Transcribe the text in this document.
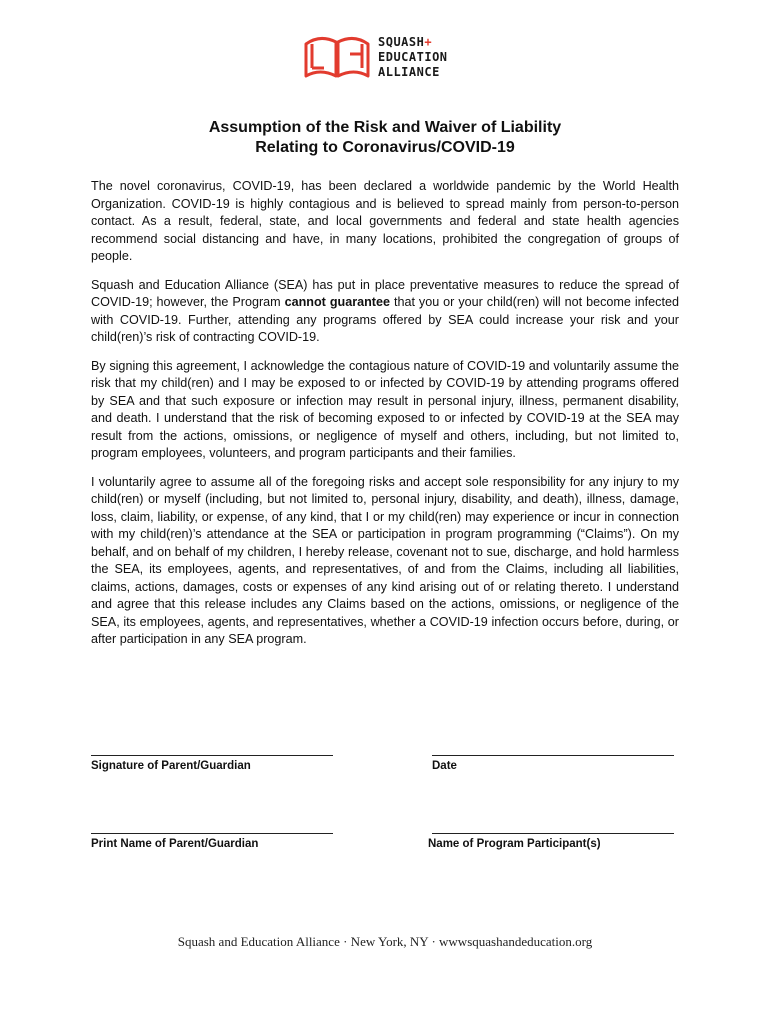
SQUASH+
EDUCATION
ALLIANCE
Assumption of the Risk and Waiver of Liability
Relating to Coronavirus/COVID-19

The novel coronavirus, COVID-19, has been declared a worldwide pandemic by the World Health Organization. COVID-19 is highly contagious and is believed to spread mainly from person-to-person contact. As a result, federal, state, and local governments and federal and state health agencies recommend social distancing and have, in many locations, prohibited the congregation of groups of people.

Squash and Education Alliance (SEA) has put in place preventative measures to reduce the spread of COVID-19; however, the Program cannot guarantee that you or your child(ren) will not become infected with COVID-19. Further, attending any programs offered by SEA could increase your risk and your child(ren)’s risk of contracting COVID-19.

By signing this agreement, I acknowledge the contagious nature of COVID-19 and voluntarily assume the risk that my child(ren) and I may be exposed to or infected by COVID-19 by attending programs offered by SEA and that such exposure or infection may result in personal injury, illness, permanent disability, and death. I understand that the risk of becoming exposed to or infected by COVID-19 at the SEA may result from the actions, omissions, or negligence of myself and others, including, but not limited to, program employees, volunteers, and program participants and their families.

I voluntarily agree to assume all of the foregoing risks and accept sole responsibility for any injury to my child(ren) or myself (including, but not limited to, personal injury, disability, and death), illness, damage, loss, claim, liability, or expense, of any kind, that I or my child(ren) may experience or incur in connection with my child(ren)’s attendance at the SEA or participation in program programming (“Claims”). On my behalf, and on behalf of my children, I hereby release, covenant not to sue, discharge, and hold harmless the SEA, its employees, agents, and representatives, of and from the Claims, including all liabilities, claims, actions, damages, costs or expenses of any kind arising out of or relating thereto. I understand and agree that this release includes any Claims based on the actions, omissions, or negligence of the SEA, its employees, agents, and representatives, whether a COVID-19 infection occurs before, during, or after participation in any SEA program.

Signature of Parent/Guardian	Date
Print Name of Parent/Guardian	Name of Program Participant(s)
Squash and Education Alliance · New York, NY · wwwsquashandeducation.org
